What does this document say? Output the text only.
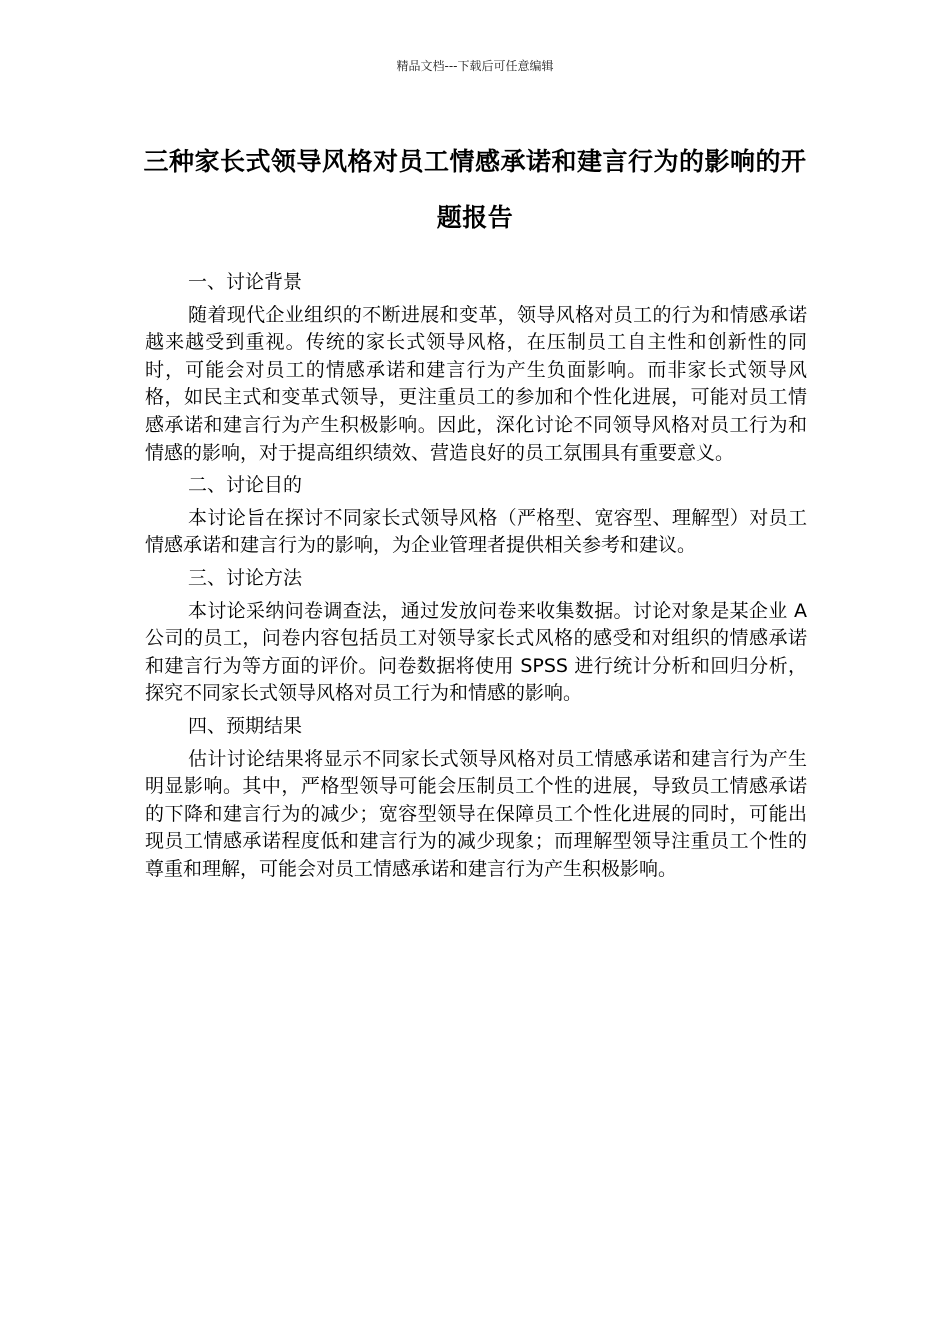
精品文档---下载后可任意编辑
三种家长式领导风格对员工情感承诺和建言行为的影响的开题报告
一、讨论背景

随着现代企业组织的不断进展和变革，领导风格对员工的行为和情感承诺越来越受到重视。传统的家长式领导风格，在压制员工自主性和创新性的同时，可能会对员工的情感承诺和建言行为产生负面影响。而非家长式领导风格，如民主式和变革式领导，更注重员工的参加和个性化进展，可能对员工情感承诺和建言行为产生积极影响。因此，深化讨论不同领导风格对员工行为和情感的影响，对于提高组织绩效、营造良好的员工氛围具有重要意义。

二、讨论目的

本讨论旨在探讨不同家长式领导风格（严格型、宽容型、理解型）对员工情感承诺和建言行为的影响，为企业管理者提供相关参考和建议。

三、讨论方法

本讨论采纳问卷调查法，通过发放问卷来收集数据。讨论对象是某企业 A 公司的员工，问卷内容包括员工对领导家长式风格的感受和对组织的情感承诺和建言行为等方面的评价。问卷数据将使用 SPSS 进行统计分析和回归分析，探究不同家长式领导风格对员工行为和情感的影响。

四、预期结果

估计讨论结果将显示不同家长式领导风格对员工情感承诺和建言行为产生明显影响。其中，严格型领导可能会压制员工个性的进展，导致员工情感承诺的下降和建言行为的减少；宽容型领导在保障员工个性化进展的同时，可能出现员工情感承诺程度低和建言行为的减少现象；而理解型领导注重员工个性的尊重和理解，可能会对员工情感承诺和建言行为产生积极影响。
